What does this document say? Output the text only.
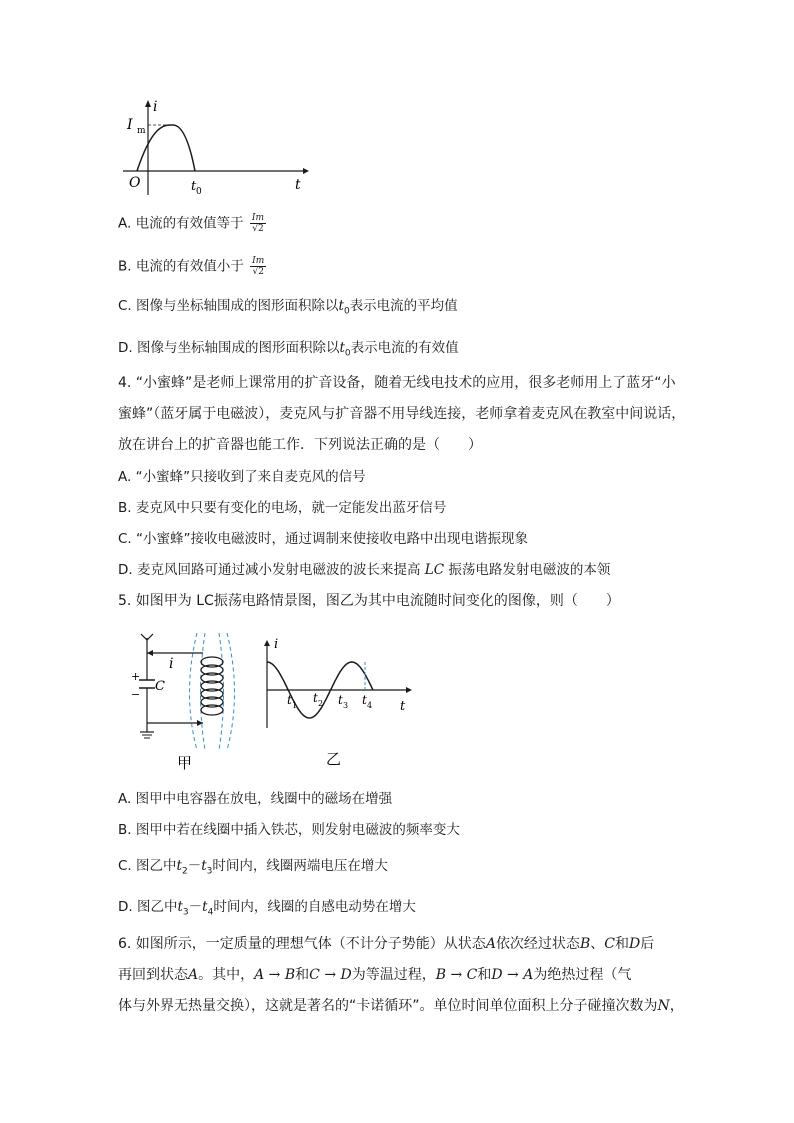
i
I m
O	t 0	t
A. 电流的有效值等于 $\frac{Im}{√2}$
B. 电流的有效值小于 $\frac{Im}{√2}$
C. 图像与坐标轴围成的图形面积除以$t_0$表示电流的平均值
D. 图像与坐标轴围成的图形面积除以$t_0$表示电流的有效值
4. “小蜜蜂”是老师上课常用的扩音设备，随着无线电技术的应用，很多老师用上了蓝牙“小
蜜蜂”（蓝牙属于电磁波），麦克风与扩音器不用导线连接，老师拿着麦克风在教室中间说话，
放在讲台上的扩音器也能工作．下列说法正确的是（　　）
A. “小蜜蜂”只接收到了来自麦克风的信号
B. 麦克风中只要有变化的电场，就一定能发出蓝牙信号
C. “小蜜蜂”接收电磁波时，通过调制来使接收电路中出现电谐振现象
D. 麦克风回路可通过减小发射电磁波的波长来提高 LC 振荡电路发射电磁波的本领
5. 如图甲为 LC振荡电路情景图，图乙为其中电流随时间变化的图像，则（　　）
i
+
−
C
甲
i
t 1
t 2 t 3 t 4 t
乙
A. 图甲中电容器在放电，线圈中的磁场在增强
B. 图甲中若在线圈中插入铁芯，则发射电磁波的频率变大
C. 图乙中$t_2-t_3$时间内，线圈两端电压在增大
D. 图乙中$t_3-t_4$时间内，线圈的自感电动势在增大
6. 如图所示，一定质量的理想气体（不计分子势能）从状态A依次经过状态B、C和D后
再回到状态A。其中，A → B和C → D为等温过程，B → C和D → A为绝热过程（气
体与外界无热量交换），这就是著名的“卡诺循环”。单位时间单位面积上分子碰撞次数为N，
